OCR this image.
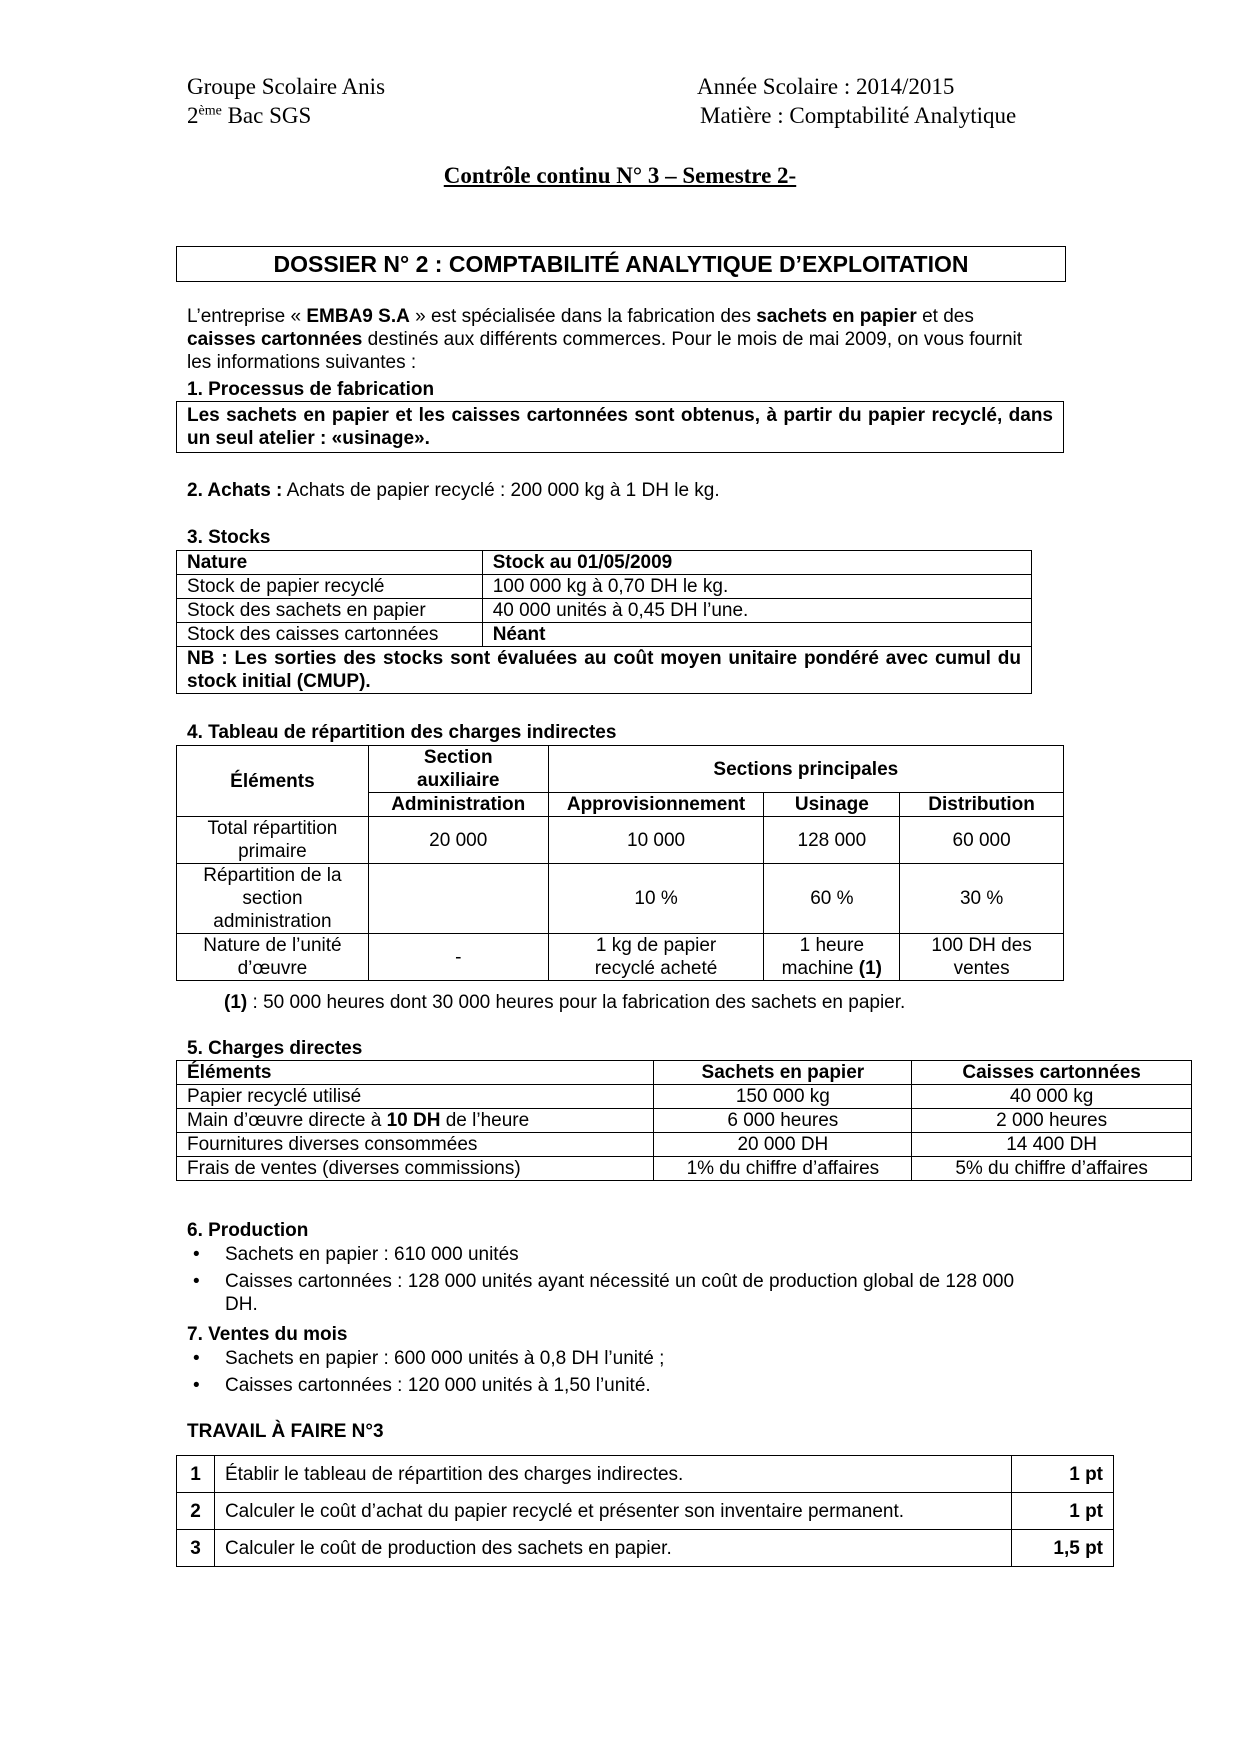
Groupe Scolaire Anis	Année Scolaire : 2014/2015
2ème Bac SGS	Matière : Comptabilité Analytique
Contrôle continu N° 3 – Semestre 2-
DOSSIER N° 2 : COMPTABILITÉ ANALYTIQUE D’EXPLOITATION
L’entreprise « EMBA9 S.A » est spécialisée dans la fabrication des sachets en papier et des caisses cartonnées destinés aux différents commerces. Pour le mois de mai 2009, on vous fournit les informations suivantes :
1. Processus de fabrication
Les sachets en papier et les caisses cartonnées sont obtenus, à partir du papier recyclé, dans un seul atelier : «usinage».
2. Achats : Achats de papier recyclé : 200 000 kg à 1 DH le kg.
3. Stocks
Nature	Stock au 01/05/2009
Stock de papier recyclé	100 000 kg à 0,70 DH le kg.
Stock des sachets en papier	40 000 unités à 0,45 DH l’une.
Stock des caisses cartonnées	Néant
NB : Les sorties des stocks sont évaluées au coût moyen unitaire pondéré avec cumul du stock initial (CMUP).	
4. Tableau de répartition des charges indirectes
Éléments	Section auxiliaire	Sections principales		
	Administration	Approvisionnement	Usinage	Distribution
Total répartition primaire	20 000	10 000	128 000	60 000
Répartition de la section administration		10 %	60 %	30 %
Nature de l’unité d’œuvre	-	1 kg de papier recyclé acheté	1 heure machine (1)	100 DH des ventes
(1) : 50 000 heures dont 30 000 heures pour la fabrication des sachets en papier.
5. Charges directes
Éléments	Sachets en papier	Caisses cartonnées
Papier recyclé utilisé	150 000 kg	40 000 kg
Main d’œuvre directe à 10 DH de l’heure	6 000 heures	2 000 heures
Fournitures diverses consommées	20 000 DH	14 400 DH
Frais de ventes (diverses commissions)	1% du chiffre d’affaires	5% du chiffre d’affaires
6. Production
• Sachets en papier : 610 000 unités
• Caisses cartonnées : 128 000 unités ayant nécessité un coût de production global de 128 000 DH.
7. Ventes du mois
• Sachets en papier : 600 000 unités à 0,8 DH l’unité ;
• Caisses cartonnées : 120 000 unités à 1,50 l’unité.
TRAVAIL À FAIRE N°3
1	Établir le tableau de répartition des charges indirectes.	1 pt
2	Calculer le coût d’achat du papier recyclé et présenter son inventaire permanent.	1 pt
3	Calculer le coût de production des sachets en papier.	1,5 pt
